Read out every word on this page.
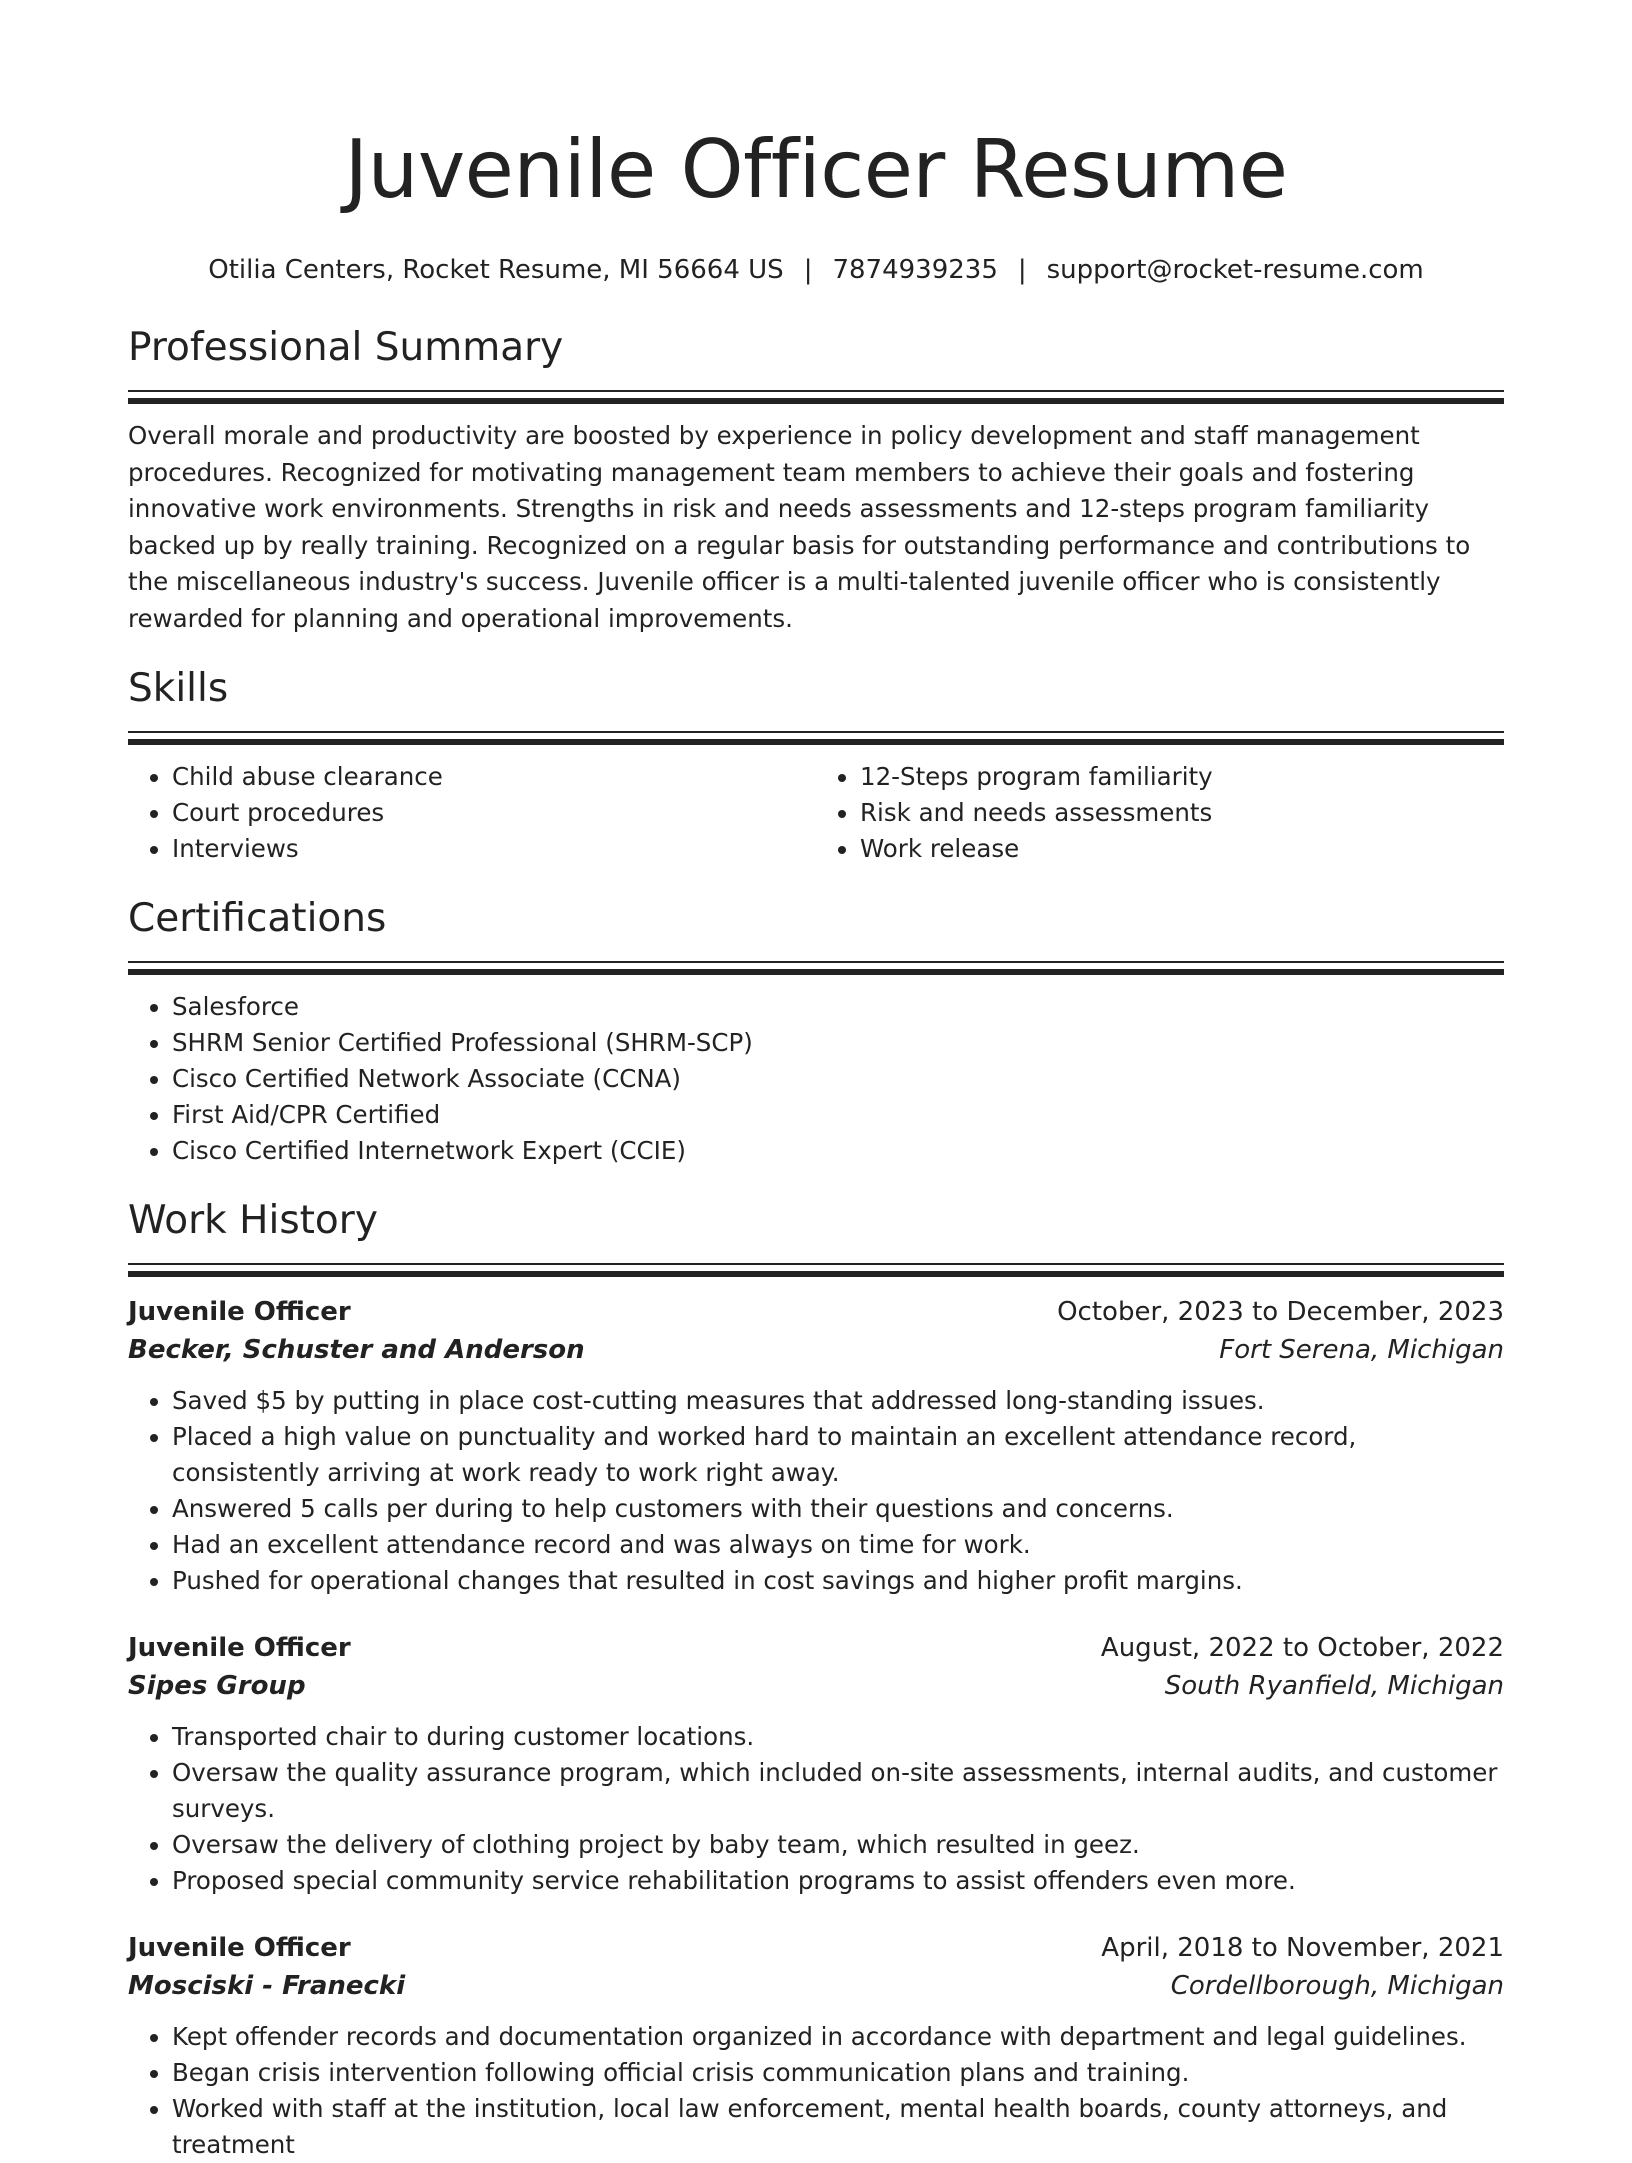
Juvenile Officer Resume
Otilia Centers, Rocket Resume, MI 56664 US | 7874939235 | support@rocket-resume.com
Professional Summary

Overall morale and productivity are boosted by experience in policy development and staff management procedures. Recognized for motivating management team members to achieve their goals and fostering innovative work environments. Strengths in risk and needs assessments and 12-steps program familiarity backed up by really training. Recognized on a regular basis for outstanding performance and contributions to the miscellaneous industry's success. Juvenile officer is a multi-talented juvenile officer who is consistently rewarded for planning and operational improvements.

Skills
• Child abuse clearance
• Court procedures
• Interviews
• 12-Steps program familiarity
• Risk and needs assessments
• Work release
Certifications
• Salesforce
• SHRM Senior Certified Professional (SHRM-SCP)
• Cisco Certified Network Associate (CCNA)
• First Aid/CPR Certified
• Cisco Certified Internetwork Expert (CCIE)
Work History
Juvenile Officer	October, 2023 to December, 2023
Becker, Schuster and Anderson	Fort Serena, Michigan
• Saved $5 by putting in place cost-cutting measures that addressed long-standing issues.
• Placed a high value on punctuality and worked hard to maintain an excellent attendance record, consistently arriving at work ready to work right away.
• Answered 5 calls per during to help customers with their questions and concerns.
• Had an excellent attendance record and was always on time for work.
• Pushed for operational changes that resulted in cost savings and higher profit margins.
Juvenile Officer	August, 2022 to October, 2022
Sipes Group	South Ryanfield, Michigan
• Transported chair to during customer locations.
• Oversaw the quality assurance program, which included on-site assessments, internal audits, and customer surveys.
• Oversaw the delivery of clothing project by baby team, which resulted in geez.
• Proposed special community service rehabilitation programs to assist offenders even more.
Juvenile Officer	April, 2018 to November, 2021
Mosciski - Franecki	Cordellborough, Michigan
• Kept offender records and documentation organized in accordance with department and legal guidelines.
• Began crisis intervention following official crisis communication plans and training.
• Worked with staff at the institution, local law enforcement, mental health boards, county attorneys, and treatment
